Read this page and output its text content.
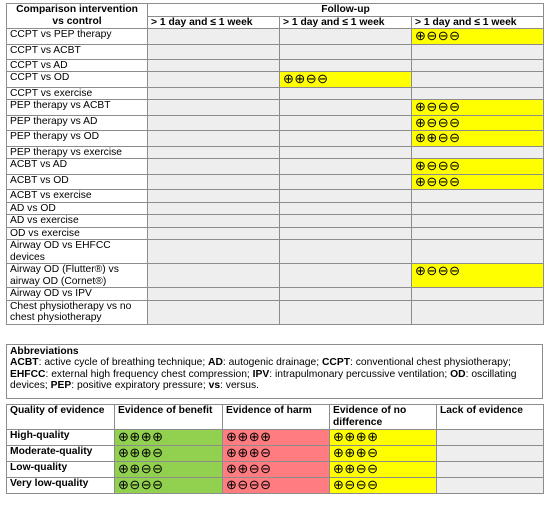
Comparison intervention vs control	Follow-up		
	> 1 day and ≤ 1 week	> 1 day and ≤ 1 week	> 1 day and ≤ 1 week
CCPT vs PEP therapy			⊕⊖⊖⊖
CCPT vs ACBT			
CCPT vs AD			
CCPT vs OD		⊕⊕⊖⊖	
CCPT vs exercise			
PEP therapy vs ACBT			⊕⊖⊖⊖
PEP therapy vs AD			⊕⊖⊖⊖
PEP therapy vs OD			⊕⊕⊖⊖
PEP therapy vs exercise			
ACBT vs AD			⊕⊖⊖⊖
ACBT vs OD			⊕⊖⊖⊖
ACBT vs exercise			
AD vs OD			
AD vs exercise			
OD vs exercise			
Airway OD vs EHFCC devices			
Airway OD (Flutter®) vs airway OD (Cornet®)			⊕⊖⊖⊖
Airway OD vs IPV			
Chest physiotherapy vs no chest physiotherapy			
Abbreviations
ACBT: active cycle of breathing technique; AD: autogenic drainage; CCPT: conventional chest physiotherapy; EHFCC: external high frequency chest compression; IPV: intrapulmonary percussive ventilation; OD: oscillating devices; PEP: positive expiratory pressure; vs: versus.
Quality of evidence	Evidence of benefit	Evidence of harm	Evidence of no difference	Lack of evidence
High-quality	⊕⊕⊕⊕	⊕⊕⊕⊕	⊕⊕⊕⊕	
Moderate-quality	⊕⊕⊕⊖	⊕⊕⊕⊖	⊕⊕⊕⊖	
Low-quality	⊕⊕⊖⊖	⊕⊕⊖⊖	⊕⊕⊖⊖	
Very low-quality	⊕⊖⊖⊖	⊕⊖⊖⊖	⊕⊖⊖⊖	
